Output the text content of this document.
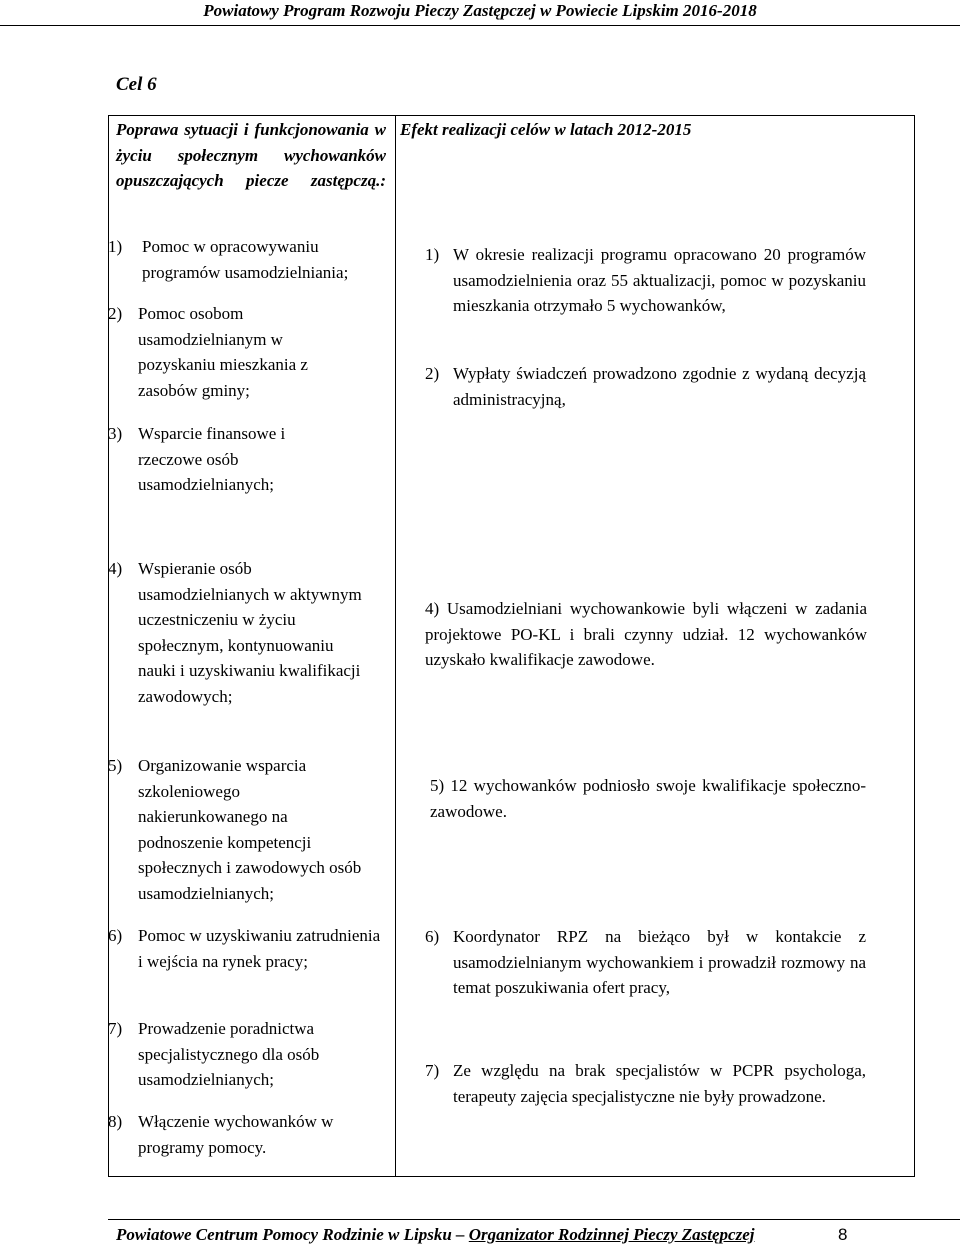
Powiatowy Program Rozwoju Pieczy Zastępczej w Powiecie Lipskim 2016-2018
Cel 6
Poprawa sytuacji i funkcjonowania w życiu społecznym wychowanków opuszczających piecze zastępczą.:
Efekt realizacji celów w latach 2012-2015
1) Pomoc w opracowywaniu programów usamodzielniania;
2) Pomoc osobom usamodzielnianym w pozyskaniu mieszkania z zasobów gminy;
3) Wsparcie finansowe i rzeczowe osób usamodzielnianych;
4) Wspieranie osób usamodzielnianych w aktywnym uczestniczeniu w życiu społecznym, kontynuowaniu nauki i uzyskiwaniu kwalifikacji zawodowych;
5) Organizowanie wsparcia szkoleniowego nakierunkowanego na podnoszenie kompetencji społecznych i zawodowych osób usamodzielnianych;
6) Pomoc w uzyskiwaniu zatrudnienia i wejścia na rynek pracy;
7) Prowadzenie poradnictwa specjalistycznego dla osób usamodzielnianych;
8) Włączenie wychowanków w programy pomocy.
1) W okresie realizacji programu opracowano 20 programów usamodzielnienia oraz 55 aktualizacji, pomoc w pozyskaniu mieszkania otrzymało 5 wychowanków,
2) Wypłaty świadczeń prowadzono zgodnie z wydaną decyzją administracyjną,
4) Usamodzielniani wychowankowie byli włączeni w zadania projektowe PO-KL i brali czynny udział. 12 wychowanków uzyskało kwalifikacje zawodowe.
5) 12 wychowanków podniosło swoje kwalifikacje społeczno-zawodowe.
6) Koordynator RPZ na bieżąco był w kontakcie z usamodzielnianym wychowankiem i prowadził rozmowy na temat poszukiwania ofert pracy,
7) Ze względu na brak specjalistów w PCPR psychologa, terapeuty zajęcia specjalistyczne nie były prowadzone.
Powiatowe Centrum Pomocy Rodzinie w Lipsku – Organizator Rodzinnej Pieczy Zastępczej	8
